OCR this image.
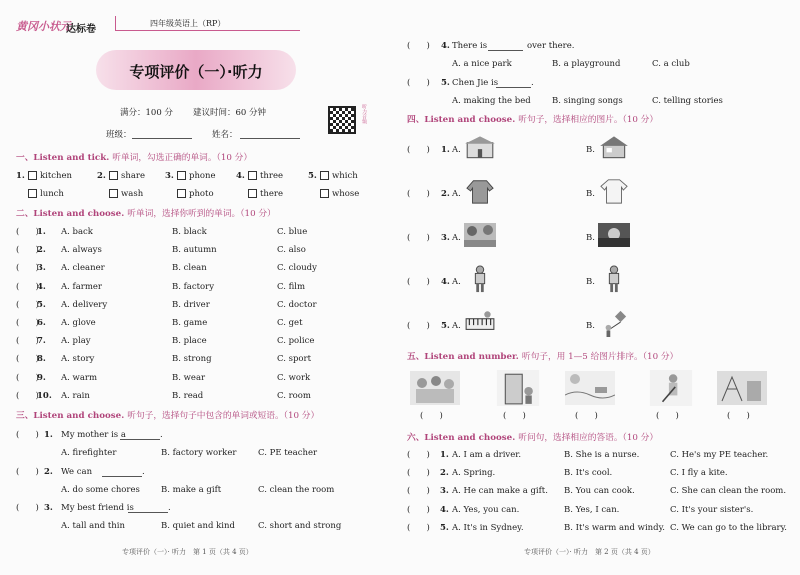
黄冈小状元
达标卷
四年级英语上（RP）
专项评价（一）·听力
满分：100 分 建议时间：60 分钟
班级：	姓名：
听力音频
一、Listen and tick. 听单词，勾选正确的单词。（10 分）
1. kitchen
lunch
2. share
wash
3. phone
photo
4. three
there
5. which
whose
二、Listen and choose. 听单词，选择你听到的单词。（10 分）
(      )
1. A. back	B. black	C. blue
(      )
2. A. always	B. autumn	C. also
(      )
3. A. cleaner	B. clean	C. cloudy
(      )
4. A. farmer	B. factory	C. film
(      )
5. A. delivery	B. driver	C. doctor
(      )
6. A. glove	B. game	C. get
(      )
7. A. play	B. place	C. police
(      )
8. A. story	B. strong	C. sport
(      )
9. A. warm	B. wear	C. work
(      )
10. A. rain	B. read	C. room
三、Listen and choose. 听句子，选择句子中包含的单词或短语。（10 分）
(      ) 1. My mother is a	.
A. firefighter	B. factory worker	C. PE teacher
(      ) 2. We can	.
A. do some chores B. make a gift	C. clean the room
(      ) 3. My best friend is	.
A. tall and thin	B. quiet and kind	C. short and strong
专项评价（一）· 听力　第 1 页（共 4 页）
(      ) 4. There is	over there.
A. a nice park	B. a playground	C. a club
(      ) 5. Chen Jie is	.
A. making the bed	B. singing songs	C. telling stories
四、Listen and choose. 听句子，选择相应的图片。（10 分）
(      ) 1. A.	B.
(      ) 2. A.	B.
(      ) 3. A.	B.
(      ) 4. A.	B.
(      ) 5. A.	B.
五、Listen and number. 听句子，用 1—5 给图片排序。（10 分）
(      )	(      )	(      )	(      )	(      )
六、Listen and choose. 听问句，选择相应的答语。（10 分）
(      ) 1. A. I am a driver.	B. She is a nurse.	C. He's my PE teacher.
(      ) 2. A. Spring.	B. It's cool.	C. I fly a kite.
(      ) 3. A. He can make a gift. B. You can cook.	C. She can clean the room.
(      ) 4. A. Yes, you can.	B. Yes, I can.	C. It's your sister's.
(      ) 5. A. It's in Sydney.	B. It's warm and windy. C. We can go to the library.
专项评价（一）· 听力　第 2 页（共 4 页）
